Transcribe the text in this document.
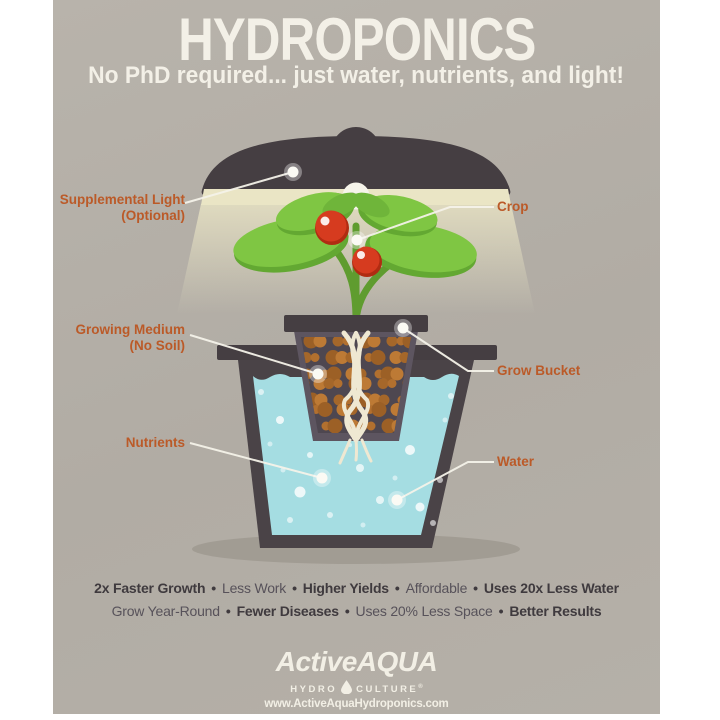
HYDROPONICS
No PhD required... just water, nutrients, and light!
Supplemental Light
(Optional)
Crop
Growing Medium
(No Soil)
Grow Bucket
Nutrients
Water
2x Faster Growth • Less Work • Higher Yields • Affordable • Uses 20x Less Water
Grow Year-Round • Fewer Diseases • Uses 20% Less Space • Better Results
ActiveAQUA
HYDRO CULTURE®
www.ActiveAquaHydroponics.com
